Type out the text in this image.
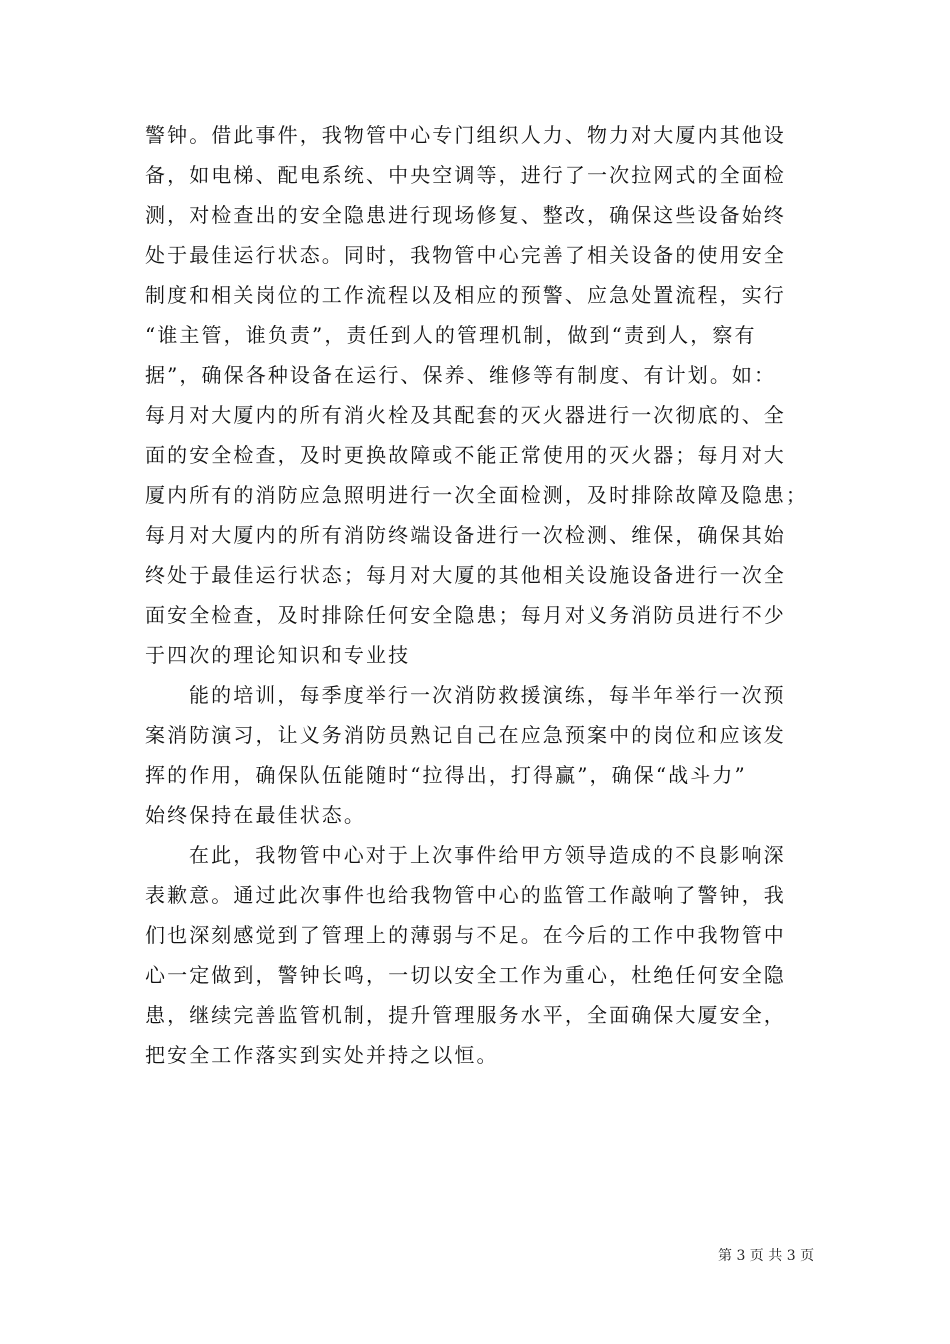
警钟。借此事件，我物管中心专门组织人力、物力对大厦内其他设
备，如电梯、配电系统、中央空调等，进行了一次拉网式的全面检
测，对检查出的安全隐患进行现场修复、整改，确保这些设备始终
处于最佳运行状态。同时，我物管中心完善了相关设备的使用安全
制度和相关岗位的工作流程以及相应的预警、应急处置流程，实行
“谁主管，谁负责”，责任到人的管理机制，做到“责到人，察有
据”，确保各种设备在运行、保养、维修等有制度、有计划。如：
每月对大厦内的所有消火栓及其配套的灭火器进行一次彻底的、全
面的安全检查，及时更换故障或不能正常使用的灭火器；每月对大
厦内所有的消防应急照明进行一次全面检测，及时排除故障及隐患；
每月对大厦内的所有消防终端设备进行一次检测、维保，确保其始
终处于最佳运行状态；每月对大厦的其他相关设施设备进行一次全
面安全检查，及时排除任何安全隐患；每月对义务消防员进行不少
于四次的理论知识和专业技

能的培训，每季度举行一次消防救援演练，每半年举行一次预
案消防演习，让义务消防员熟记自己在应急预案中的岗位和应该发
挥的作用，确保队伍能随时“拉得出，打得赢”，确保“战斗力”
始终保持在最佳状态。

在此，我物管中心对于上次事件给甲方领导造成的不良影响深
表歉意。通过此次事件也给我物管中心的监管工作敲响了警钟，我
们也深刻感觉到了管理上的薄弱与不足。在今后的工作中我物管中
心一定做到，警钟长鸣，一切以安全工作为重心，杜绝任何安全隐
患，继续完善监管机制，提升管理服务水平，全面确保大厦安全，
把安全工作落实到实处并持之以恒。

第 3 页 共 3 页
